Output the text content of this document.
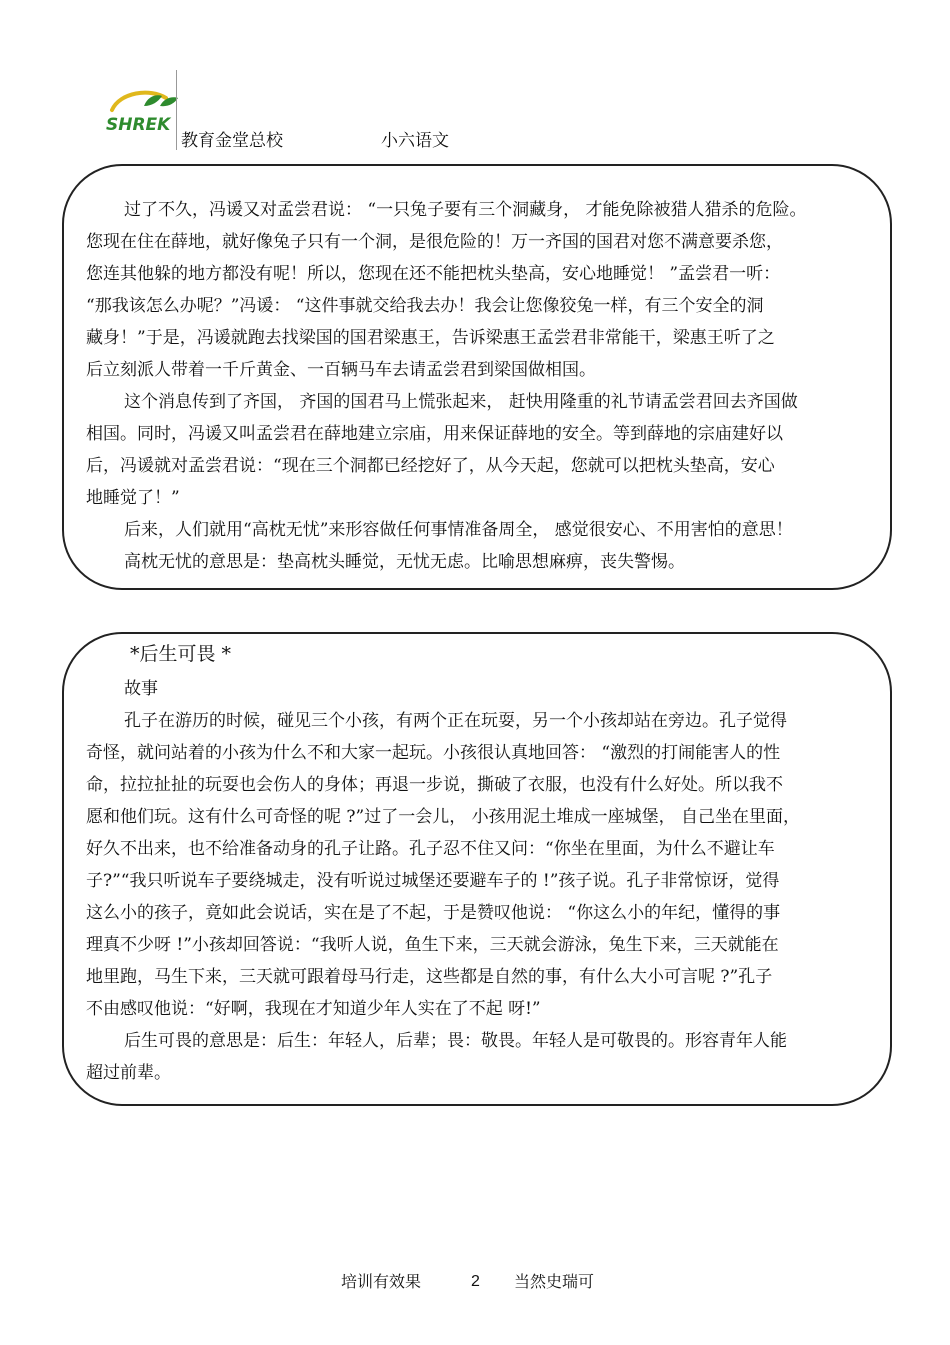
SHREK
教育金堂总校	小六语文
过了不久，冯谖又对孟尝君说： “一只兔子要有三个洞藏身， 才能免除被猎人猎杀的危险。
您现在住在薛地，就好像兔子只有一个洞，是很危险的！万一齐国的国君对您不满意要杀您，
您连其他躲的地方都没有呢！所以，您现在还不能把枕头垫高，安心地睡觉！ ”孟尝君一听：
“那我该怎么办呢？”冯谖： “这件事就交给我去办！我会让您像狡兔一样，有三个安全的洞
藏身！”于是，冯谖就跑去找梁国的国君梁惠王，告诉梁惠王孟尝君非常能干，梁惠王听了之
后立刻派人带着一千斤黄金、一百辆马车去请孟尝君到梁国做相国。
这个消息传到了齐国， 齐国的国君马上慌张起来， 赶快用隆重的礼节请孟尝君回去齐国做
相国。同时，冯谖又叫孟尝君在薛地建立宗庙，用来保证薛地的安全。等到薛地的宗庙建好以
后，冯谖就对孟尝君说：“现在三个洞都已经挖好了，从今天起，您就可以把枕头垫高，安心
地睡觉了！”
后来，人们就用“高枕无忧”来形容做任何事情准备周全， 感觉很安心、不用害怕的意思！
高枕无忧的意思是：垫高枕头睡觉，无忧无虑。比喻思想麻痹，丧失警惕。
*后生可畏 *
故事
孔子在游历的时候，碰见三个小孩，有两个正在玩耍，另一个小孩却站在旁边。孔子觉得
奇怪，就问站着的小孩为什么不和大家一起玩。小孩很认真地回答： “激烈的打闹能害人的性
命，拉拉扯扯的玩耍也会伤人的身体；再退一步说，撕破了衣服，也没有什么好处。所以我不
愿和他们玩。这有什么可奇怪的呢 ?”过了一会儿， 小孩用泥土堆成一座城堡， 自己坐在里面，
好久不出来，也不给准备动身的孔子让路。孔子忍不住又问：“你坐在里面，为什么不避让车
子?”“我只听说车子要绕城走，没有听说过城堡还要避车子的 !”孩子说。孔子非常惊讶，觉得
这么小的孩子，竟如此会说话，实在是了不起，于是赞叹他说： “你这么小的年纪，懂得的事
理真不少呀 !”小孩却回答说：“我听人说，鱼生下来，三天就会游泳，兔生下来，三天就能在
地里跑，马生下来，三天就可跟着母马行走，这些都是自然的事，有什么大小可言呢 ?”孔子
不由感叹他说：“好啊，我现在才知道少年人实在了不起 呀!”
后生可畏的意思是：后生：年轻人，后辈；畏：敬畏。年轻人是可敬畏的。形容青年人能
超过前辈。
培训有效果	2 当然史瑞可
